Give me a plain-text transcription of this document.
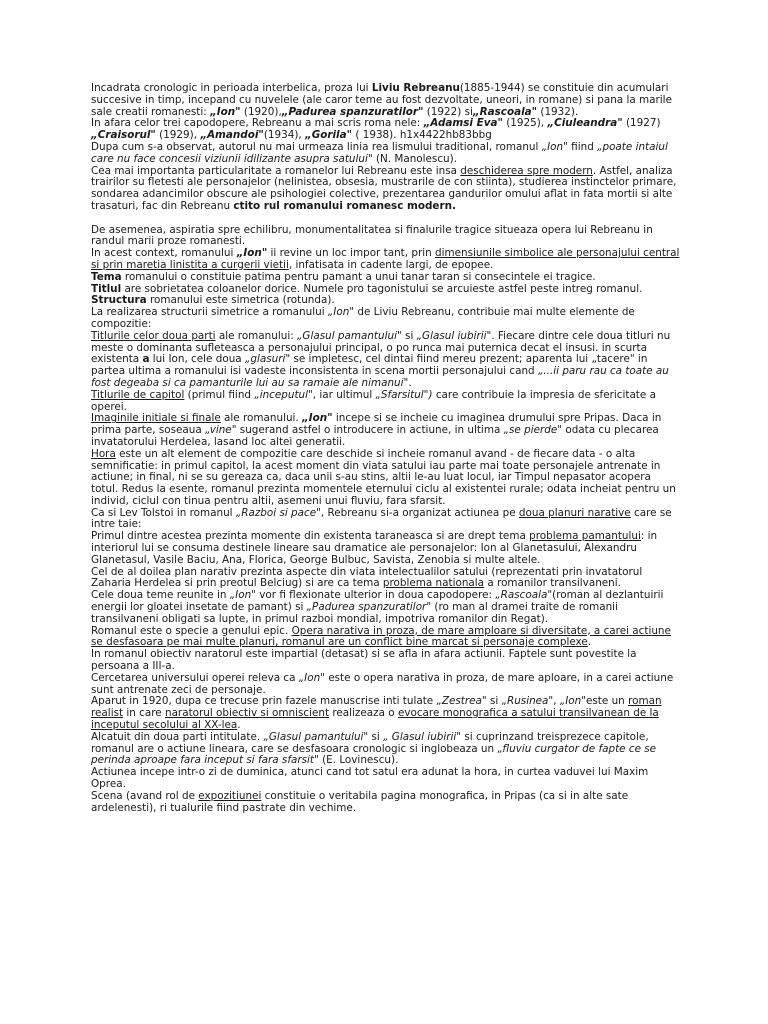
Incadrata cronologic in perioada interbelica, proza lui Liviu Rebreanu(1885-1944) se constituie din acumulari succesive in timp, incepand cu nuvelele (ale caror teme au fost dezvoltate, uneori, in romane) si pana la marile sale creatii romanesti: „Ion" (1920),„Padurea spanzuratilor" (1922) si„Rascoala" (1932).

In afara celor trei capodopere, Rebreanu a mai scris roma nele: „Adamsi Eva" (1925), „Ciuleandra" (1927)„Craisorul" (1929), „Amandoi"(1934), „Gorila" ( 1938). h1x4422hb83bbg

Dupa cum s-a observat, autorul nu mai urmeaza linia rea lismului traditional, romanul „Ion" fiind „poate intaiul care nu face concesii viziunii idilizante asupra satului" (N. Manolescu).

Cea mai importanta particularitate a romanelor lui Rebreanu este insa deschiderea spre modern. Astfel, analiza trairilor su fletesti ale personajelor (nelinistea, obsesia, mustrarile de con stiinta), studierea instinctelor primare, sondarea adancimilor obscure ale psihologiei colective, prezentarea gandurilor omului aflat in fata mortii si alte trasaturi, fac din Rebreanu ctito rul romanului romanesc modern.

De asemenea, aspiratia spre echilibru, monumentalitatea si finalurile tragice situeaza opera lui Rebreanu in randul marii proze romanesti.

In acest context, romanului „Ion" ii revine un loc impor tant, prin dimensiunile simbolice ale personajului central si prin maretia linistita a curgerii vietii, infatisata in cadente largi, de epopee.

Tema romanului o constituie patima pentru pamant a unui tanar taran si consecintele ei tragice.

Titlul are sobrietatea coloanelor dorice. Numele pro tagonistului se arcuieste astfel peste intreg romanul.

Structura romanului este simetrica (rotunda).

La realizarea structurii simetrice a romanului „Ion" de Liviu Rebreanu, contribuie mai multe elemente de compozitie:

Titlurile celor doua parti ale romanului: „Glasul pamantului" si „Glasul iubirii". Fiecare dintre cele doua titluri nu meste o dominanta sufleteasca a personajului principal, o po runca mai puternica decat el insusi. in scurta existenta a lui Ion, cele doua „glasuri" se impletesc, cel dintai fiind mereu prezent; aparenta lui „tacere" in partea ultima a romanului isi vadeste inconsistenta in scena mortii personajului cand „...ii paru rau ca toate au fost degeaba si ca pamanturile lui au sa ramaie ale nimanui".

Titlurile de capitol (primul fiind „inceputul", iar ultimul „Sfarsitul") care contribuie la impresia de sfericitate a operei.

Imaginile initiale si finale ale romanului. „Ion" incepe si se incheie cu imaginea drumului spre Pripas. Daca in prima parte, soseaua „vine" sugerand astfel o introducere in actiune, in ultima „se pierde" odata cu plecarea invatatorului Herdelea, lasand loc altei generatii.

Hora este un alt element de compozitie care deschide si incheie romanul avand - de fiecare data - o alta semnificatie: in primul capitol, la acest moment din viata satului iau parte mai toate personajele antrenate in actiune; in final, ni se su gereaza ca, daca unii s-au stins, altii le-au luat locul, iar Timpul nepasator acopera totul. Redus la esente, romanul prezinta momentele eternului ciclu al existentei rurale; odata incheiat pentru un individ, ciclul con tinua pentru altii, asemeni unui fluviu, fara sfarsit.

Ca si Lev Tolstoi in romanul „Razboi si pace", Rebreanu si-a organizat actiunea pe doua planuri narative care se intre taie:

Primul dintre acestea prezinta momente din existenta taraneasca si are drept tema problema pamantului: in interiorul lui se consuma destinele lineare sau dramatice ale personajelor: Ion al Glanetasului, Alexandru Glanetasul, Vasile Baciu, Ana, Florica, George Bulbuc, Savista, Zenobia si multe altele.

Cel de al doilea plan narativ prezinta aspecte din viata intelectualilor satului (reprezentati prin invatatorul Zaharia Herdelea si prin preotul Belciug) si are ca tema problema nationala a romanilor transilvaneni.

Cele doua teme reunite in „Ion" vor fi flexionate ulterior in doua capodopere: „Rascoala"(roman al dezlantuirii energii lor gloatei insetate de pamant) si „Padurea spanzuratilor" (ro man al dramei traite de romanii transilvaneni obligati sa lupte, in primul razboi mondial, impotriva romanilor din Regat).

Romanul este o specie a genului epic. Opera narativa in proza, de mare amploare si diversitate, a carei actiune se desfasoara pe mai multe planuri, romanul are un conflict bine marcat si personaje complexe.

In romanul obiectiv naratorul este impartial (detasat) si se afla in afara actiunii. Faptele sunt povestite la persoana a III-a.

Cercetarea universului operei releva ca „Ion" este o opera narativa in proza, de mare aploare, in a carei actiune sunt antrenate zeci de personaje.

Aparut in 1920, dupa ce trecuse prin fazele manuscrise inti tulate „Zestrea" si „Rusinea", „Ion"este un roman realist in care naratorul obiectiv si omniscient realizeaza o evocare monografica a satului transilvanean de la inceputul secolului al XX-lea.

Alcatuit din doua parti intitulate. „Glasul pamantului" si „ Glasul iubirii" si cuprinzand treisprezece capitole, romanul are o actiune lineara, care se desfasoara cronologic si inglobeaza un „fluviu curgator de fapte ce se perinda aproape fara inceput si fara sfarsit" (E. Lovinescu).

Actiunea incepe intr-o zi de duminica, atunci cand tot satul era adunat la hora, in curtea vaduvei lui Maxim Oprea.

Scena (avand rol de expozitiunei constituie o veritabila pagina monografica, in Pripas (ca si in alte sate ardelenesti), ri tualurile fiind pastrate din vechime.
